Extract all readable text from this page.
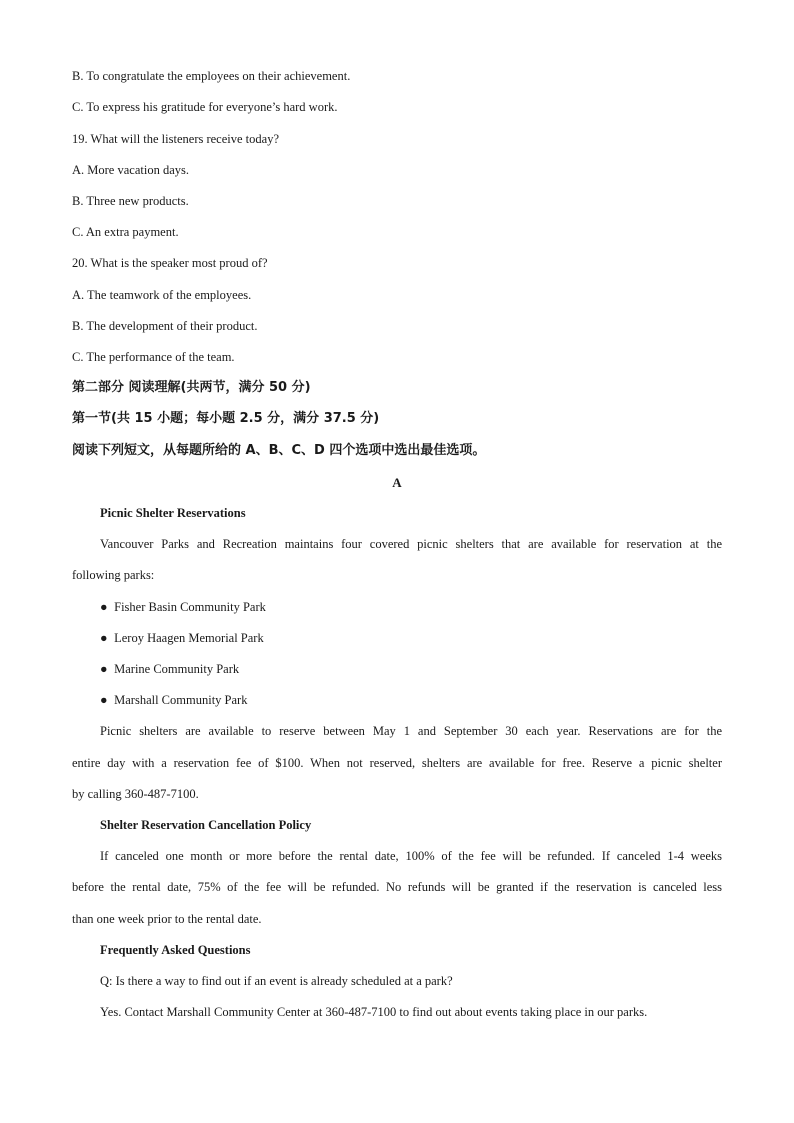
B. To congratulate the employees on their achievement.
C. To express his gratitude for everyone’s hard work.
19. What will the listeners receive today?
A. More vacation days.
B. Three new products.
C. An extra payment.
20. What is the speaker most proud of?
A. The teamwork of the employees.
B. The development of their product.
C. The performance of the team.
第二部分 阅读理解(共两节，满分 50 分)
第一节(共 15 小题；每小题 2.5 分，满分 37.5 分)
阅读下列短文，从每题所给的 A、B、C、D 四个选项中选出最佳选项。
A
Picnic Shelter Reservations
Vancouver Parks and Recreation maintains four covered picnic shelters that are available for reservation at the
following parks:
● Fisher Basin Community Park
● Leroy Haagen Memorial Park
● Marine Community Park
● Marshall Community Park
Picnic shelters are available to reserve between May 1 and September 30 each year. Reservations are for the
entire day with a reservation fee of $100. When not reserved, shelters are available for free. Reserve a picnic shelter
by calling 360-487-7100.
Shelter Reservation Cancellation Policy
If canceled one month or more before the rental date, 100% of the fee will be refunded. If canceled 1-4 weeks
before the rental date, 75% of the fee will be refunded. No refunds will be granted if the reservation is canceled less
than one week prior to the rental date.
Frequently Asked Questions
Q: Is there a way to find out if an event is already scheduled at a park?
Yes. Contact Marshall Community Center at 360-487-7100 to find out about events taking place in our parks.
